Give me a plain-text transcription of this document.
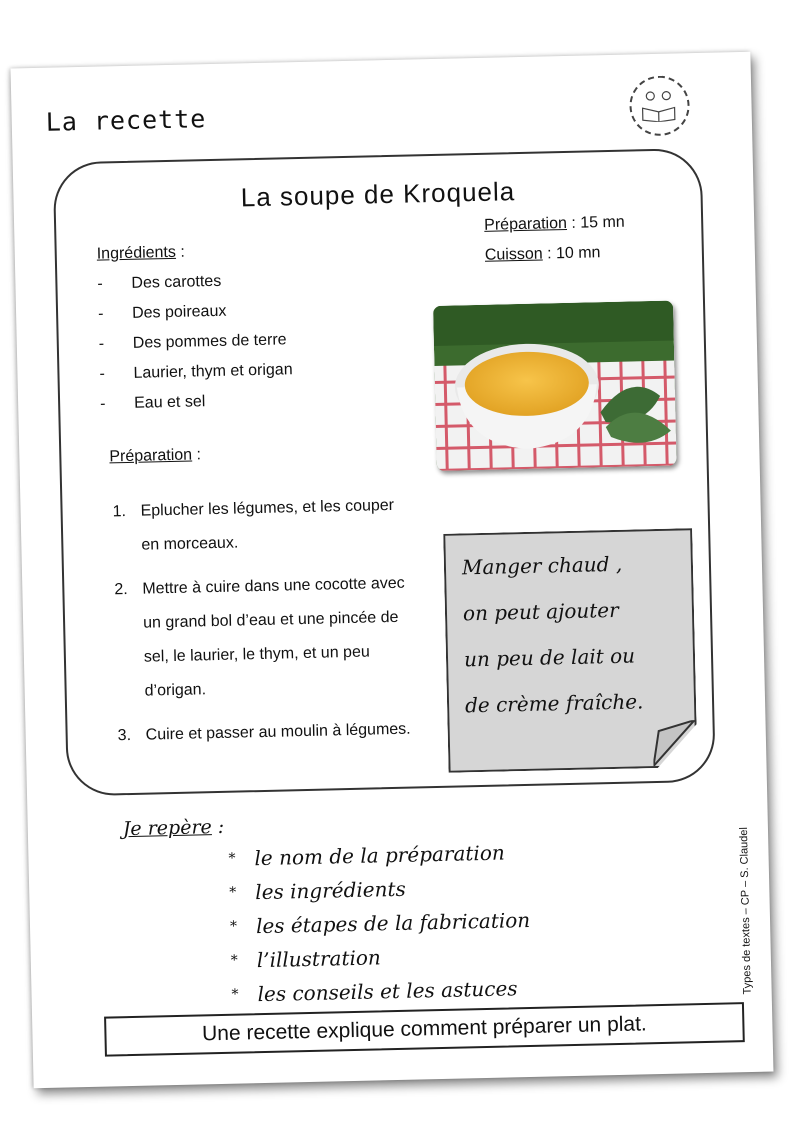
La recette
La soupe de Kroquela
Ingrédients :
-	Des carottes
-	Des poireaux
-	Des pommes de terre
-	Laurier, thym et origan
-	Eau et sel
Préparation : 15 mn
Cuisson : 10 mn
Préparation :
1. Eplucher les légumes, et les couper en morceaux.
2. Mettre à cuire dans une cocotte avec un grand bol d’eau et une pincée de sel, le laurier, le thym, et un peu d’origan.
3. Cuire et passer au moulin à légumes.
Manger chaud ,
on peut ajouter
un peu de lait ou
de crème fraîche.
Je repère :
* le nom de la préparation
* les ingrédients
* les étapes de la fabrication
* l’illustration
* les conseils et les astuces	Types de textes – CP – S. Claudel
Une recette explique comment préparer un plat.
